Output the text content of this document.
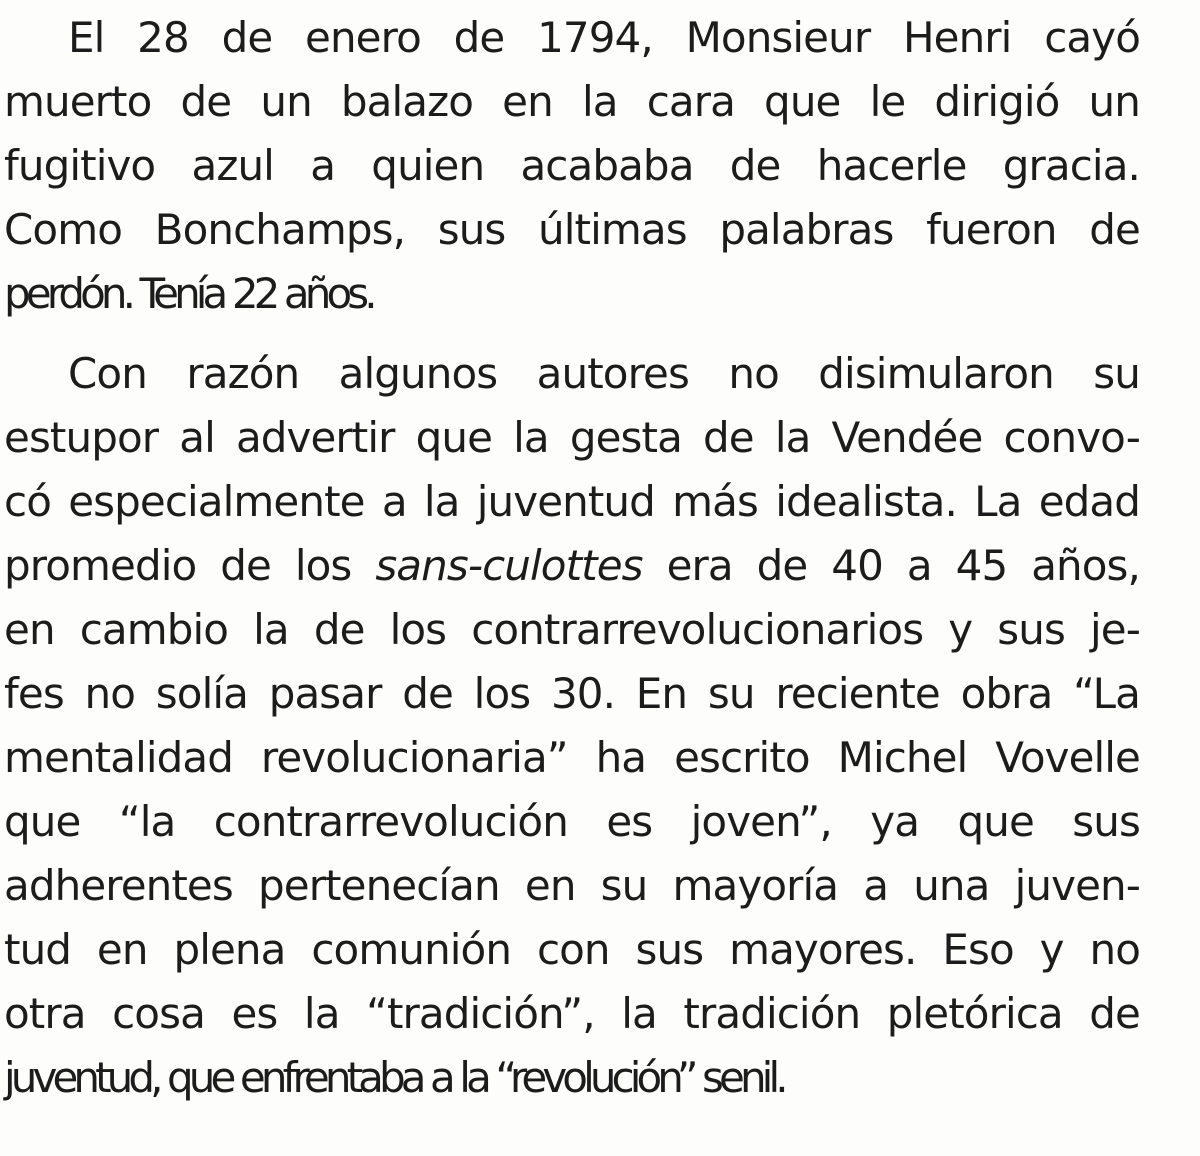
El 28 de enero de 1794, Monsieur Henri cayó
muerto de un balazo en la cara que le dirigió un
fugitivo azul a quien acababa de hacerle gracia.
Como Bonchamps, sus últimas palabras fueron de
perdón. Tenía 22 años.
Con razón algunos autores no disimularon su
estupor al advertir que la gesta de la Vendée convo-
có especialmente a la juventud más idealista. La edad
promedio de los sans-culottes era de 40 a 45 años,
en cambio la de los contrarrevolucionarios y sus je-
fes no solía pasar de los 30. En su reciente obra “La
mentalidad revolucionaria” ha escrito Michel Vovelle
que “la contrarrevolución es joven”, ya que sus
adherentes pertenecían en su mayoría a una juven-
tud en plena comunión con sus mayores. Eso y no
otra cosa es la “tradición”, la tradición pletórica de
juventud, que enfrentaba a la “revolución” senil.
